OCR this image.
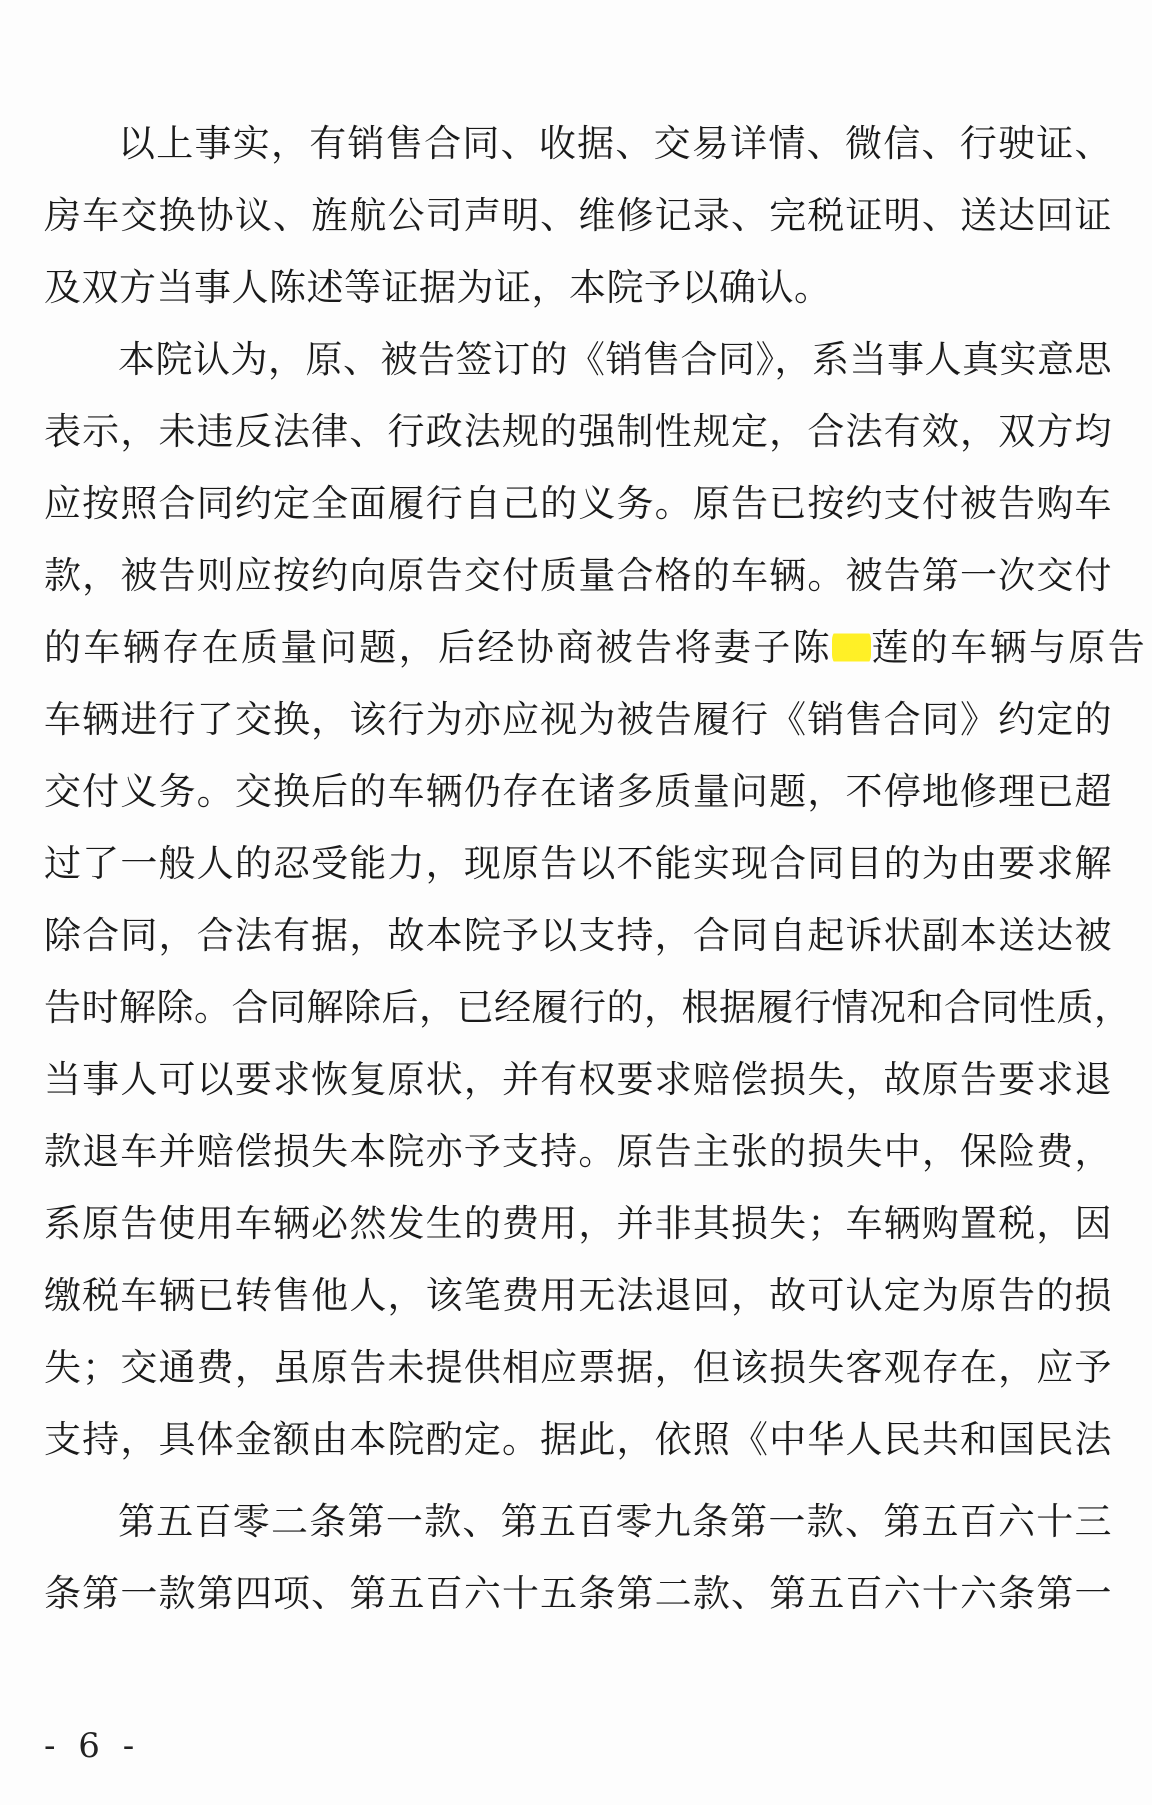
以上事实，有销售合同、收据、交易详情、微信、行驶证、
房车交换协议、旌航公司声明、维修记录、完税证明、送达回证
及双方当事人陈述等证据为证，本院予以确认。
本院认为，原、被告签订的《销售合同》，系当事人真实意思
表示，未违反法律、行政法规的强制性规定，合法有效，双方均
应按照合同约定全面履行自己的义务。原告已按约支付被告购车
款，被告则应按约向原告交付质量合格的车辆。被告第一次交付
的车辆存在质量问题，后经协商被告将妻子陈  莲的车辆与原告
车辆进行了交换，该行为亦应视为被告履行《销售合同》约定的
交付义务。交换后的车辆仍存在诸多质量问题，不停地修理已超
过了一般人的忍受能力，现原告以不能实现合同目的为由要求解
除合同，合法有据，故本院予以支持，合同自起诉状副本送达被
告时解除。合同解除后，已经履行的，根据履行情况和合同性质，
当事人可以要求恢复原状，并有权要求赔偿损失，故原告要求退
款退车并赔偿损失本院亦予支持。原告主张的损失中，保险费，
系原告使用车辆必然发生的费用，并非其损失；车辆购置税，因
缴税车辆已转售他人，该笔费用无法退回，故可认定为原告的损
失；交通费，虽原告未提供相应票据，但该损失客观存在，应予
支持，具体金额由本院酌定。据此，依照《中华人民共和国民法
第五百零二条第一款、第五百零九条第一款、第五百六十三
条第一款第四项、第五百六十五条第二款、第五百六十六条第一
- 6 -
